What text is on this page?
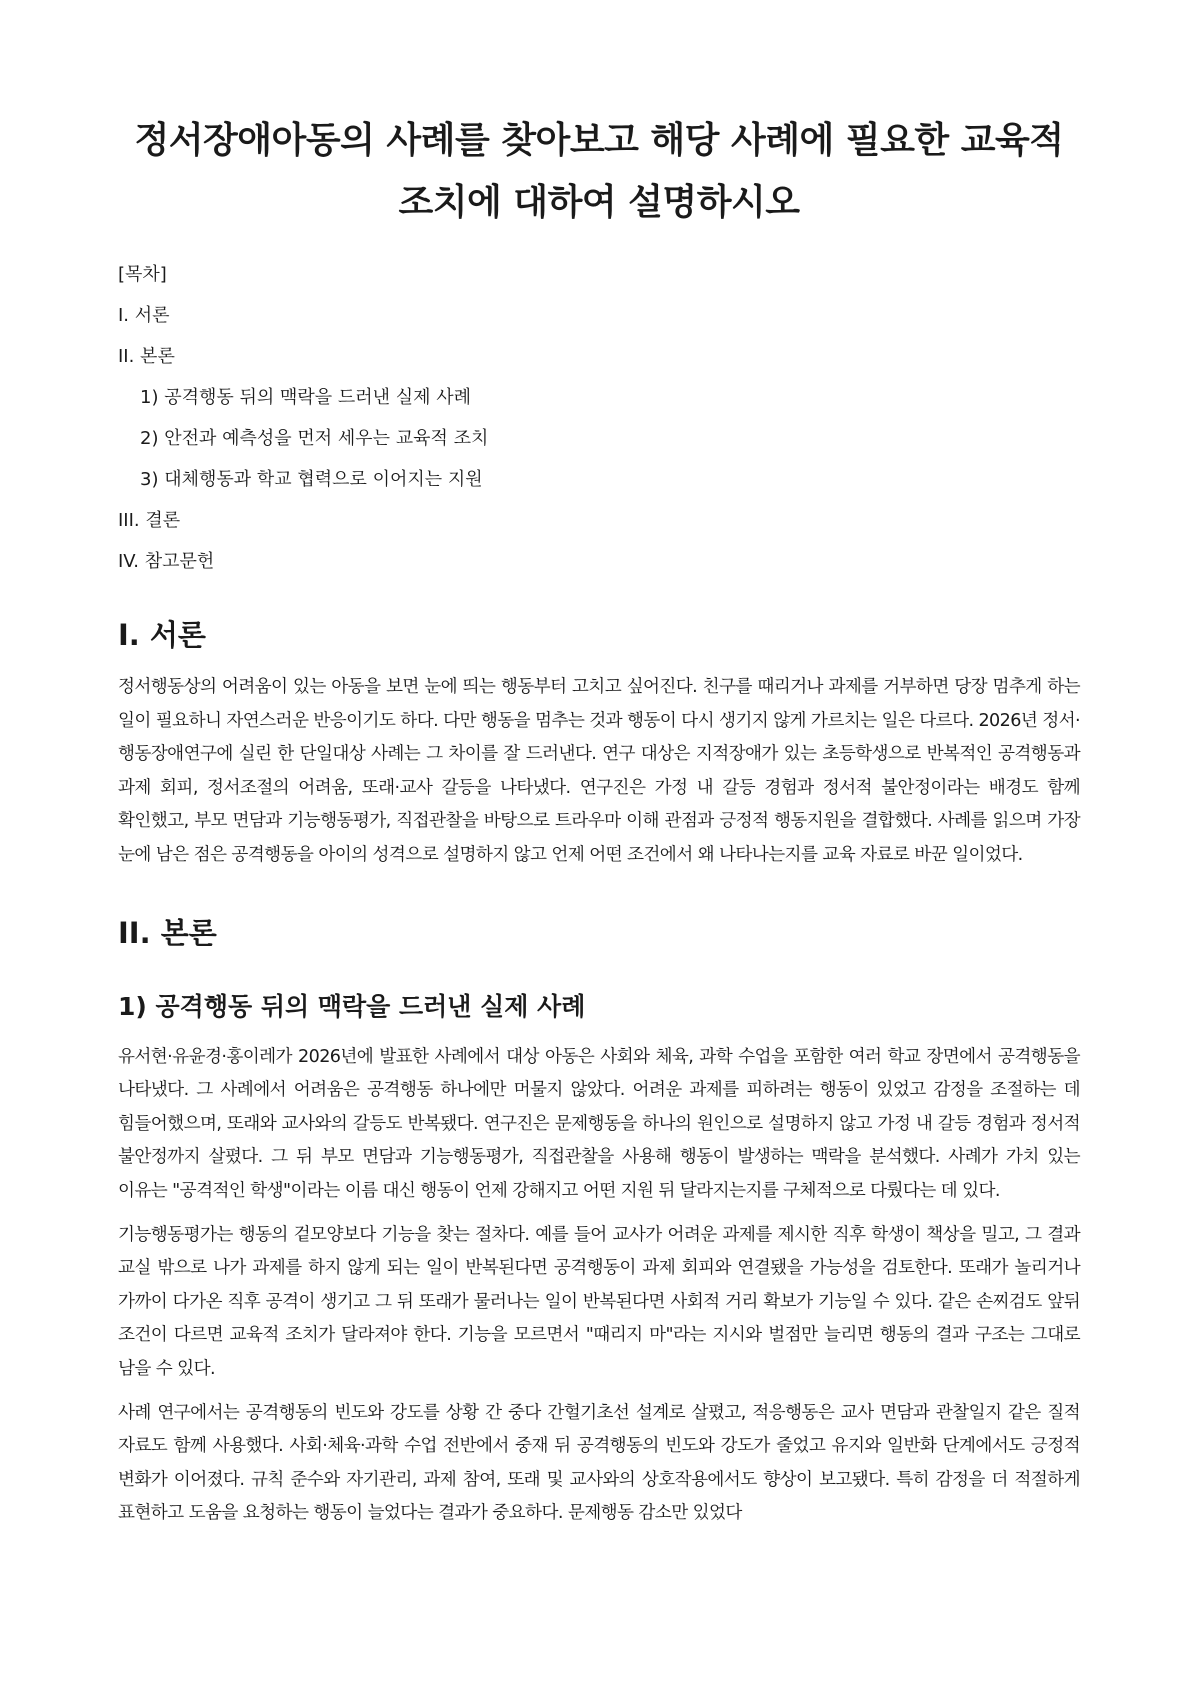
정서장애아동의 사례를 찾아보고 해당 사례에 필요한 교육적 조치에 대하여 설명하시오
[목차]
I. 서론
II. 본론
1) 공격행동 뒤의 맥락을 드러낸 실제 사례
2) 안전과 예측성을 먼저 세우는 교육적 조치
3) 대체행동과 학교 협력으로 이어지는 지원
III. 결론
IV. 참고문헌
I. 서론

정서행동상의 어려움이 있는 아동을 보면 눈에 띄는 행동부터 고치고 싶어진다. 친구를 때리거나 과제를 거부하면 당장 멈추게 하는 일이 필요하니 자연스러운 반응이기도 하다. 다만 행동을 멈추는 것과 행동이 다시 생기지 않게 가르치는 일은 다르다. 2026년 정서·행동장애연구에 실린 한 단일대상 사례는 그 차이를 잘 드러낸다. 연구 대상은 지적장애가 있는 초등학생으로 반복적인 공격행동과 과제 회피, 정서조절의 어려움, 또래·교사 갈등을 나타냈다. 연구진은 가정 내 갈등 경험과 정서적 불안정이라는 배경도 함께 확인했고, 부모 면담과 기능행동평가, 직접관찰을 바탕으로 트라우마 이해 관점과 긍정적 행동지원을 결합했다. 사례를 읽으며 가장 눈에 남은 점은 공격행동을 아이의 성격으로 설명하지 않고 언제 어떤 조건에서 왜 나타나는지를 교육 자료로 바꾼 일이었다.

II. 본론
1) 공격행동 뒤의 맥락을 드러낸 실제 사례

유서현·유윤경·홍이레가 2026년에 발표한 사례에서 대상 아동은 사회와 체육, 과학 수업을 포함한 여러 학교 장면에서 공격행동을 나타냈다. 그 사례에서 어려움은 공격행동 하나에만 머물지 않았다. 어려운 과제를 피하려는 행동이 있었고 감정을 조절하는 데 힘들어했으며, 또래와 교사와의 갈등도 반복됐다. 연구진은 문제행동을 하나의 원인으로 설명하지 않고 가정 내 갈등 경험과 정서적 불안정까지 살폈다. 그 뒤 부모 면담과 기능행동평가, 직접관찰을 사용해 행동이 발생하는 맥락을 분석했다. 사례가 가치 있는 이유는 "공격적인 학생"이라는 이름 대신 행동이 언제 강해지고 어떤 지원 뒤 달라지는지를 구체적으로 다뤘다는 데 있다.

기능행동평가는 행동의 겉모양보다 기능을 찾는 절차다. 예를 들어 교사가 어려운 과제를 제시한 직후 학생이 책상을 밀고, 그 결과 교실 밖으로 나가 과제를 하지 않게 되는 일이 반복된다면 공격행동이 과제 회피와 연결됐을 가능성을 검토한다. 또래가 놀리거나 가까이 다가온 직후 공격이 생기고 그 뒤 또래가 물러나는 일이 반복된다면 사회적 거리 확보가 기능일 수 있다. 같은 손찌검도 앞뒤 조건이 다르면 교육적 조치가 달라져야 한다. 기능을 모르면서 "때리지 마"라는 지시와 벌점만 늘리면 행동의 결과 구조는 그대로 남을 수 있다.

사례 연구에서는 공격행동의 빈도와 강도를 상황 간 중다 간헐기초선 설계로 살폈고, 적응행동은 교사 면담과 관찰일지 같은 질적 자료도 함께 사용했다. 사회·체육·과학 수업 전반에서 중재 뒤 공격행동의 빈도와 강도가 줄었고 유지와 일반화 단계에서도 긍정적 변화가 이어졌다. 규칙 준수와 자기관리, 과제 참여, 또래 및 교사와의 상호작용에서도 향상이 보고됐다. 특히 감정을 더 적절하게 표현하고 도움을 요청하는 행동이 늘었다는 결과가 중요하다. 문제행동 감소만 있었다
